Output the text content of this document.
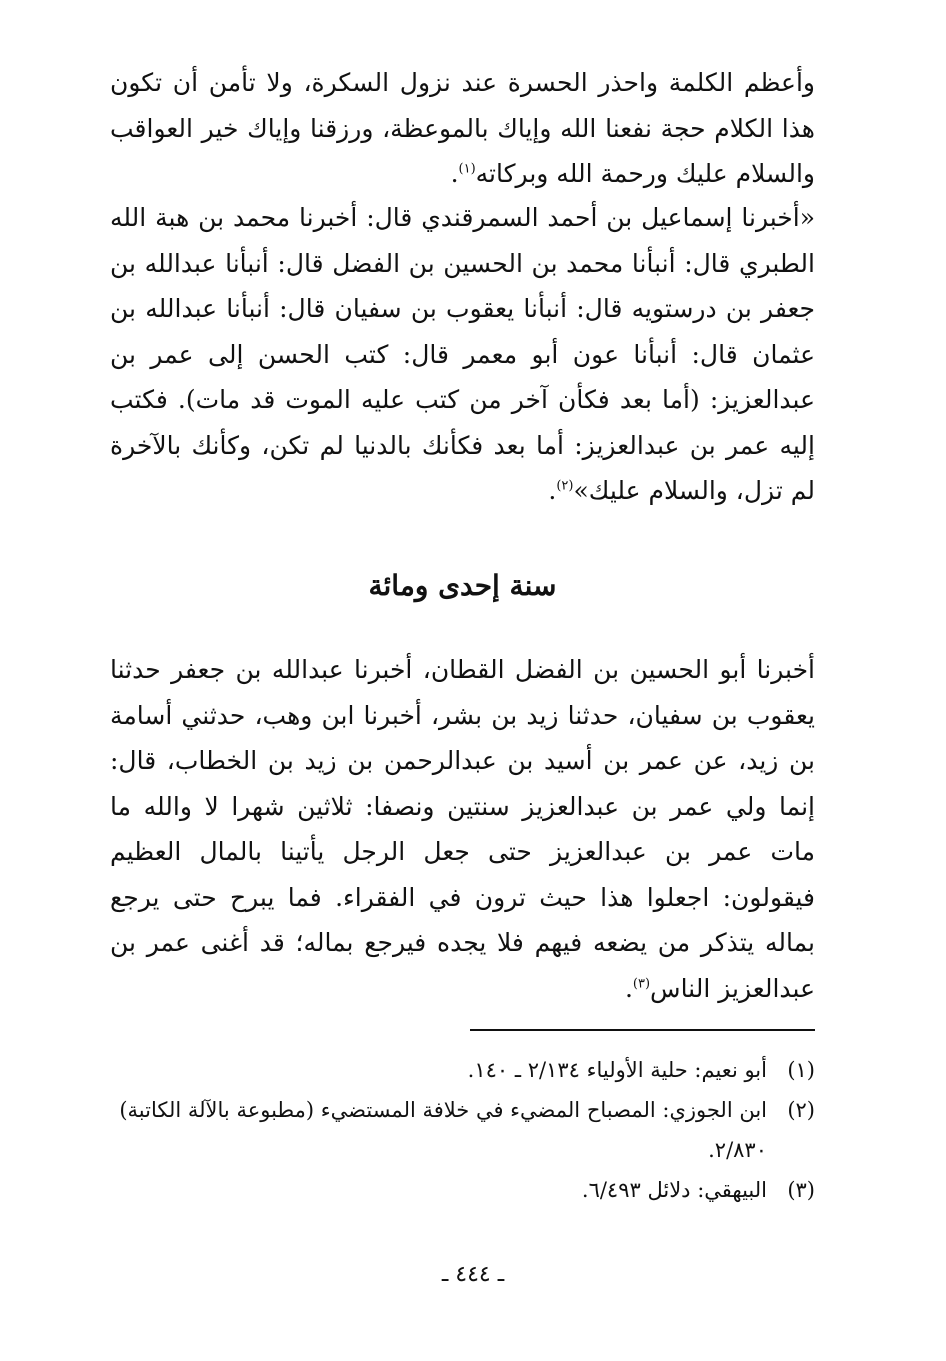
وأعظم الكلمة واحذر الحسرة عند نزول السكرة، ولا تأمن أن تكون هذا الكلام حجة نفعنا الله وإياك بالموعظة، ورزقنا وإياك خير العواقب والسلام عليك ورحمة الله وبركاته$^{(١)}$.

«أخبرنا إسماعيل بن أحمد السمرقندي قال: أخبرنا محمد بن هبة الله الطبري قال: أنبأنا محمد بن الحسين بن الفضل قال: أنبأنا عبدالله بن جعفر بن درستويه قال: أنبأنا يعقوب بن سفيان قال: أنبأنا عبدالله بن عثمان قال: أنبأنا عون أبو معمر قال: كتب الحسن إلى عمر بن عبدالعزيز: (أما بعد فكأن آخر من كتب عليه الموت قد مات). فكتب إليه عمر بن عبدالعزيز: أما بعد فكأنك بالدنيا لم تكن، وكأنك بالآخرة لم تزل، والسلام عليك»$^{(٢)}$.

سنة إحدى ومائة

أخبرنا أبو الحسين بن الفضل القطان، أخبرنا عبدالله بن جعفر حدثنا يعقوب بن سفيان، حدثنا زيد بن بشر، أخبرنا ابن وهب، حدثني أسامة بن زيد، عن عمر بن أسيد بن عبدالرحمن بن زيد بن الخطاب، قال: إنما ولي عمر بن عبدالعزيز سنتين ونصفا: ثلاثين شهرا لا والله ما مات عمر بن عبدالعزيز حتى جعل الرجل يأتينا بالمال العظيم فيقولون: اجعلوا هذا حيث ترون في الفقراء. فما يبرح حتى يرجع بماله يتذكر من يضعه فيهم فلا يجده فيرجع بماله؛ قد أغنى عمر بن عبدالعزيز الناس$^{(٣)}$.

(١)
أبو نعيم: حلية الأولياء ٢/١٣٤ ـ ١٤٠.
(٢)
ابن الجوزي: المصباح المضيء في خلافة المستضيء (مطبوعة بالآلة الكاتبة) ٢/٨٣٠.
(٣)
البيهقي: دلائل ٦/٤٩٣.
ـ ٤٤٤ ـ
